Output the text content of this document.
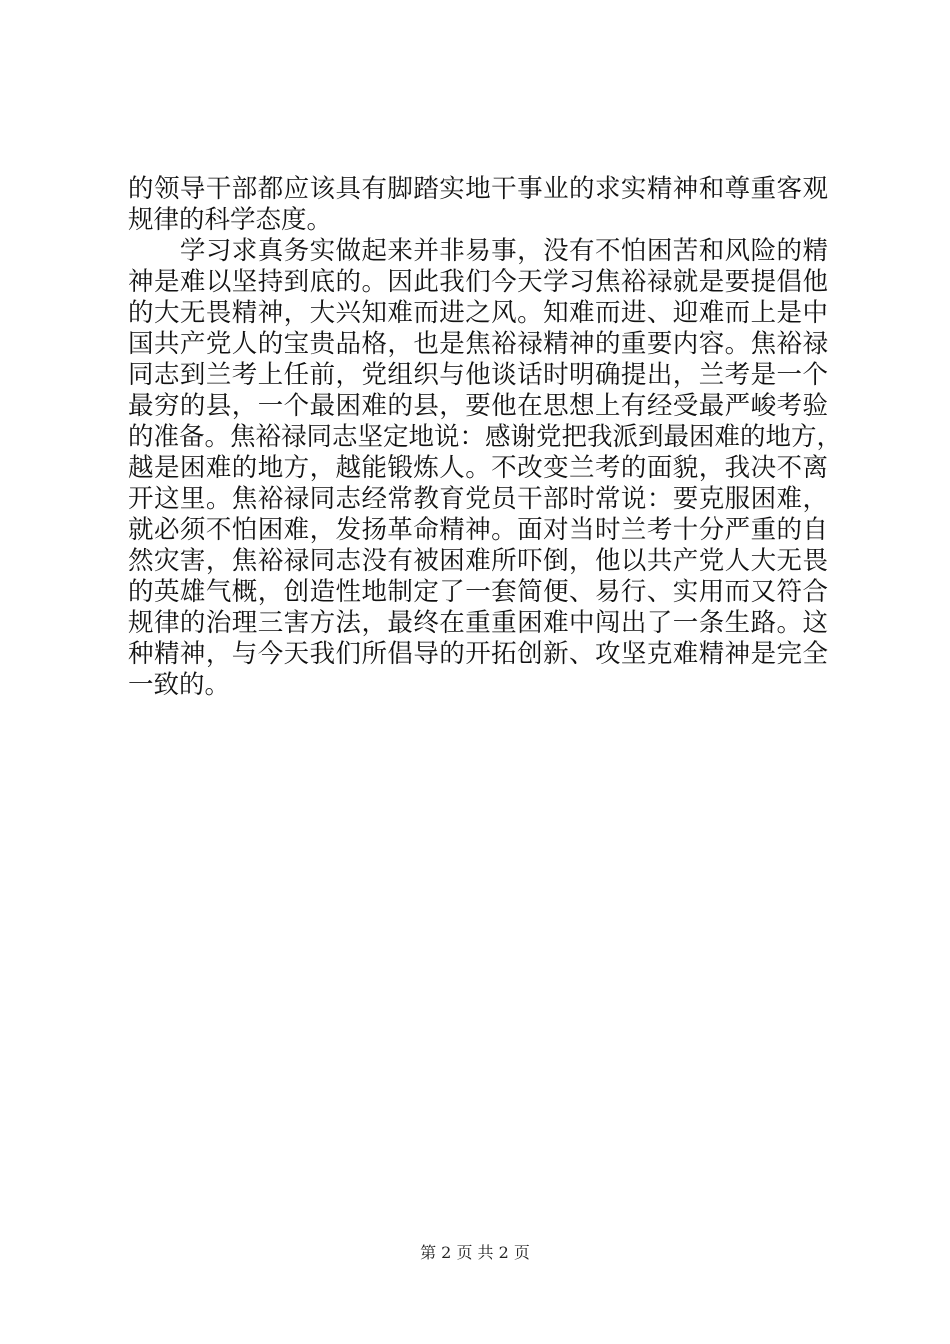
的领导干部都应该具有脚踏实地干事业的求实精神和尊重客观
规律的科学态度。
　　学习求真务实做起来并非易事，没有不怕困苦和风险的精
神是难以坚持到底的。因此我们今天学习焦裕禄就是要提倡他
的大无畏精神，大兴知难而进之风。知难而进、迎难而上是中
国共产党人的宝贵品格，也是焦裕禄精神的重要内容。焦裕禄
同志到兰考上任前，党组织与他谈话时明确提出，兰考是一个
最穷的县，一个最困难的县，要他在思想上有经受最严峻考验
的准备。焦裕禄同志坚定地说：感谢党把我派到最困难的地方，
越是困难的地方，越能锻炼人。不改变兰考的面貌，我决不离
开这里。焦裕禄同志经常教育党员干部时常说：要克服困难，
就必须不怕困难，发扬革命精神。面对当时兰考十分严重的自
然灾害，焦裕禄同志没有被困难所吓倒，他以共产党人大无畏
的英雄气概，创造性地制定了一套简便、易行、实用而又符合
规律的治理三害方法，最终在重重困难中闯出了一条生路。这
种精神，与今天我们所倡导的开拓创新、攻坚克难精神是完全
一致的。
第 2 页 共 2 页
